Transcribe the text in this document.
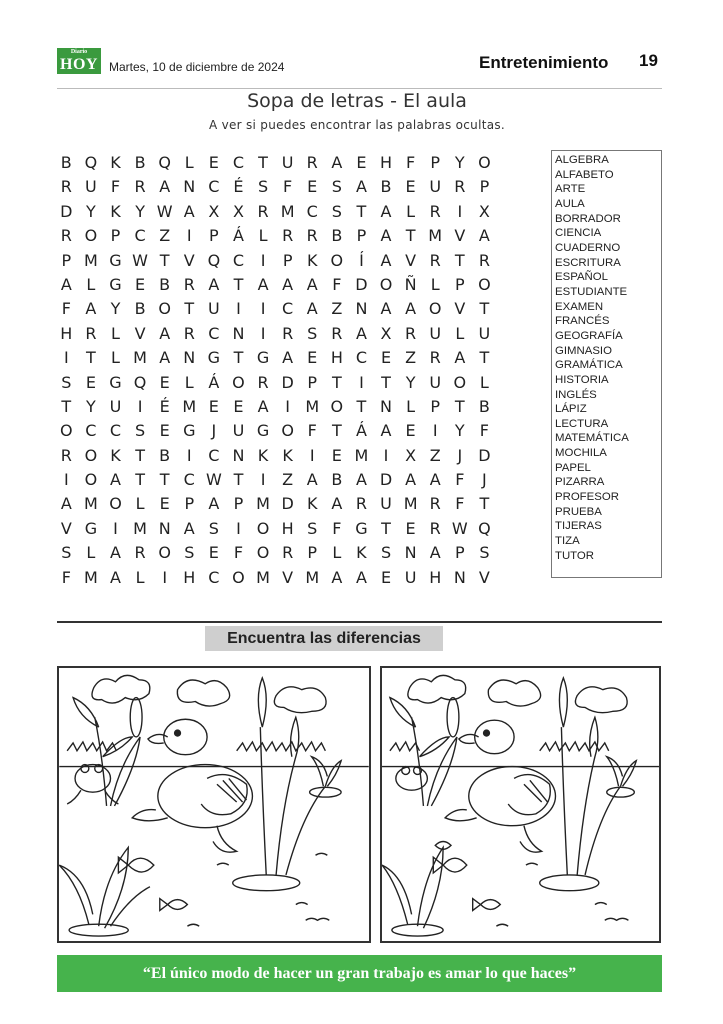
Diario
HOY Martes, 10 de diciembre de 2024	Entretenimiento 19
Sopa de letras - El aula
A ver si puedes encontrar las palabras ocultas.
B Q K B Q L E C T U R A E H F P Y O
R U F R A N C É S F E S A B E U R P
D Y K Y W A X X R M C S T A L R	I	X
R O P C Z	I	P Á L R R B P A T M V A
P M G W T V Q C	I	P K O Í	A V R T R
A L G E B R A T A A A F D O Ñ L P O
F A Y B O T U	I	I	C A Z N A A O V T
H R L V A R C N	I	R S R A X R U L U
I	T L M A N G T G A E H C E Z R A T
S E G Q E L Á O R D P T	I	T Y U O L
T Y U	I	É M E E A	I M O T N L P T B
O C C S E G	J	U G O F T Á A E	I	Y F
R O K T B	I	C N K K	I	E M I	X Z	J	D
I O A T T C W T	I	Z A B A D A A F	J
A M O L E P A P M D K A R U M R F T
V G	I M N A S	I O H S F G T E R W Q
S L A R O S E F O R P L K S N A P S
F M A L	I	H C O M V M A A E U H N V
ALGEBRA
ALFABETO
ARTE
AULA
BORRADOR
CIENCIA
CUADERNO
ESCRITURA
ESPAÑOL
ESTUDIANTE
EXAMEN
FRANCÉS
GEOGRAFÍA
GIMNASIO
GRAMÁTICA
HISTORIA
INGLÉS
LÁPIZ
LECTURA
MATEMÁTICA
MOCHILA
PAPEL
PIZARRA
PROFESOR
PRUEBA
TIJERAS
TIZA
TUTOR
Encuentra las diferencias
“El único modo de hacer un gran trabajo es amar lo que haces”
